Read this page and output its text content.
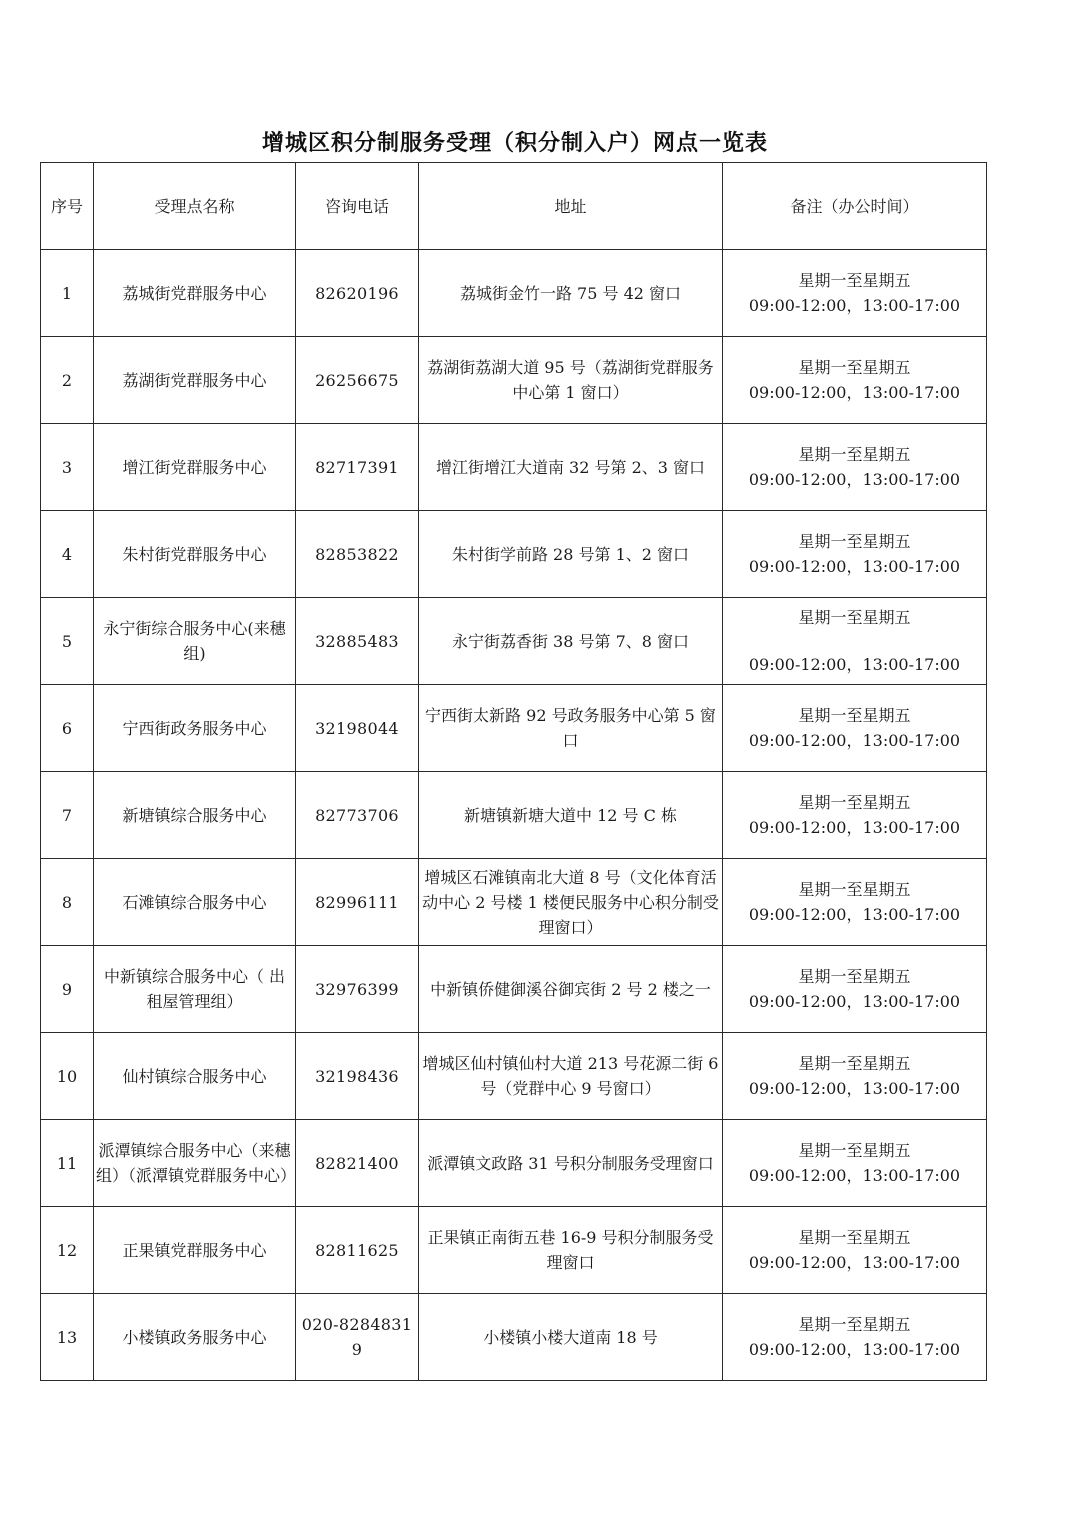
增城区积分制服务受理（积分制入户）网点一览表
序号	受理点名称	咨询电话	地址	备注（办公时间）
1	荔城街党群服务中心	82620196	荔城街金竹一路 75 号 42 窗口	星期一至星期五
09:00-12:00，13:00-17:00

2	荔湖街党群服务中心	26256675	荔湖街荔湖大道 95 号（荔湖街党群服务中心第 1 窗口）	星期一至星期五
09:00-12:00，13:00-17:00

3	增江街党群服务中心	82717391	增江街增江大道南 32 号第 2、3 窗口	星期一至星期五
09:00-12:00，13:00-17:00

4	朱村街党群服务中心	82853822	朱村街学前路 28 号第 1、2 窗口	星期一至星期五
09:00-12:00，13:00-17:00

5	永宁街综合服务中心(来穗组)	32885483	永宁街荔香街 38 号第 7、8 窗口	星期一至星期五
09:00-12:00，13:00-17:00

6	宁西街政务服务中心	32198044	宁西街太新路 92 号政务服务中心第 5 窗口	星期一至星期五
09:00-12:00，13:00-17:00

7	新塘镇综合服务中心	82773706	新塘镇新塘大道中 12 号 C 栋	星期一至星期五
09:00-12:00，13:00-17:00

8	石滩镇综合服务中心	82996111	增城区石滩镇南北大道 8 号（文化体育活动中心 2 号楼 1 楼便民服务中心积分制受理窗口）	星期一至星期五
09:00-12:00，13:00-17:00

9	中新镇综合服务中心（ 出租屋管理组）	32976399	中新镇侨健御溪谷御宾街 2 号 2 楼之一	星期一至星期五
09:00-12:00，13:00-17:00

10	仙村镇综合服务中心	32198436	增城区仙村镇仙村大道 213 号花源二街 6 号（党群中心 9 号窗口）	星期一至星期五
09:00-12:00，13:00-17:00

11	派潭镇综合服务中心（来穗组）（派潭镇党群服务中心）	82821400	派潭镇文政路 31 号积分制服务受理窗口	星期一至星期五
09:00-12:00，13:00-17:00

12	正果镇党群服务中心	82811625	正果镇正南街五巷 16-9 号积分制服务受理窗口	星期一至星期五
09:00-12:00，13:00-17:00

13	小楼镇政务服务中心	020-82848319	小楼镇小楼大道南 18 号	星期一至星期五
09:00-12:00，13:00-17:00
